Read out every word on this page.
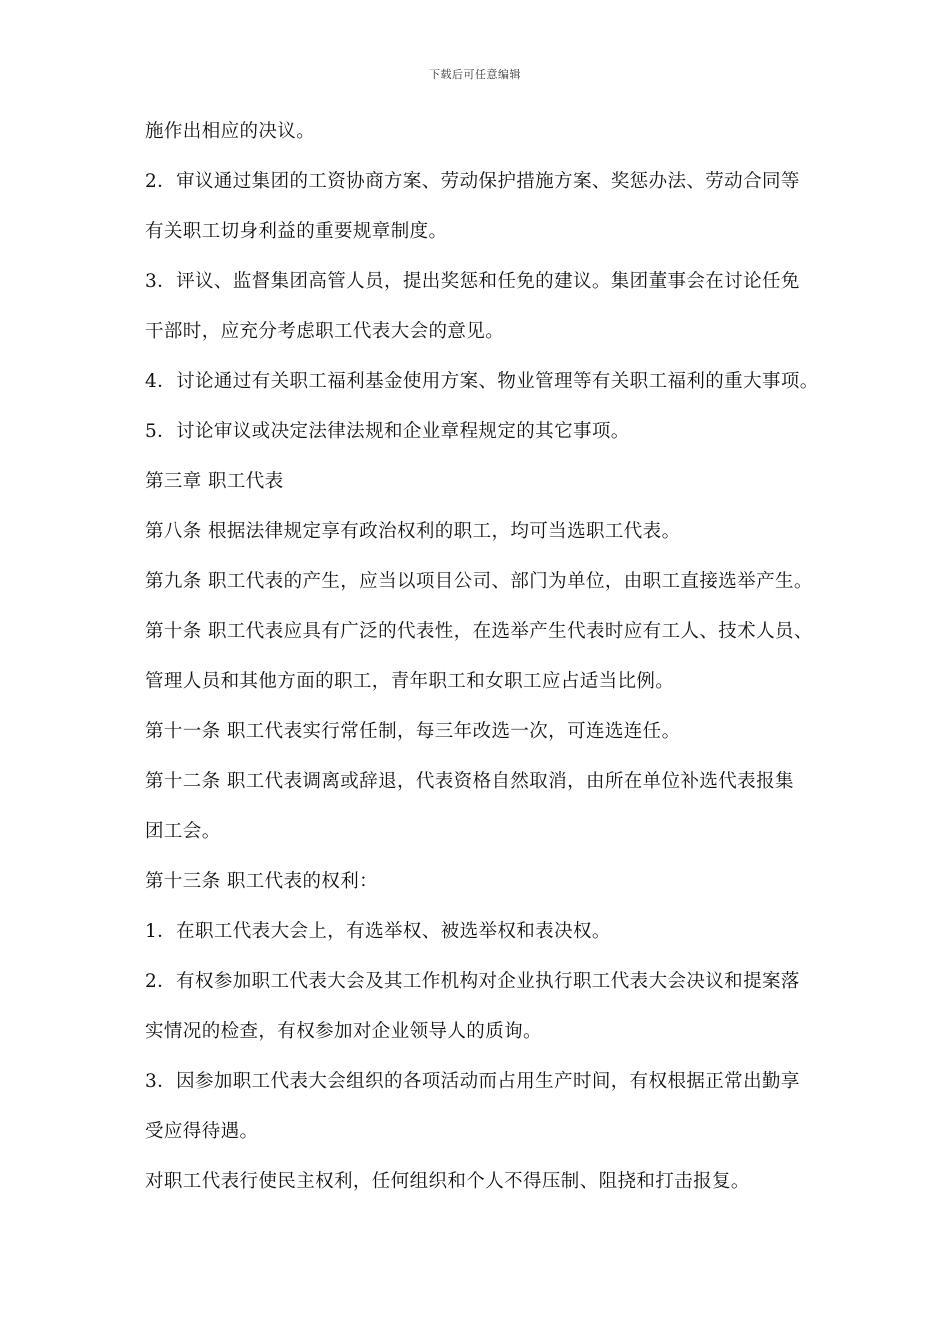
下载后可任意编辑
施作出相应的决议。
2．审议通过集团的工资协商方案、劳动保护措施方案、奖惩办法、劳动合同等
有关职工切身利益的重要规章制度。
3．评议、监督集团高管人员，提出奖惩和任免的建议。集团董事会在讨论任免
干部时，应充分考虑职工代表大会的意见。
4．讨论通过有关职工福利基金使用方案、物业管理等有关职工福利的重大事项。
5．讨论审议或决定法律法规和企业章程规定的其它事项。
第三章 职工代表
第八条 根据法律规定享有政治权利的职工，均可当选职工代表。
第九条 职工代表的产生，应当以项目公司、部门为单位，由职工直接选举产生。
第十条 职工代表应具有广泛的代表性，在选举产生代表时应有工人、技术人员、
管理人员和其他方面的职工，青年职工和女职工应占适当比例。
第十一条 职工代表实行常任制，每三年改选一次，可连选连任。
第十二条 职工代表调离或辞退，代表资格自然取消，由所在单位补选代表报集
团工会。
第十三条 职工代表的权利：
1．在职工代表大会上，有选举权、被选举权和表决权。
2．有权参加职工代表大会及其工作机构对企业执行职工代表大会决议和提案落
实情况的检查，有权参加对企业领导人的质询。
3．因参加职工代表大会组织的各项活动而占用生产时间，有权根据正常出勤享
受应得待遇。
对职工代表行使民主权利，任何组织和个人不得压制、阻挠和打击报复。
